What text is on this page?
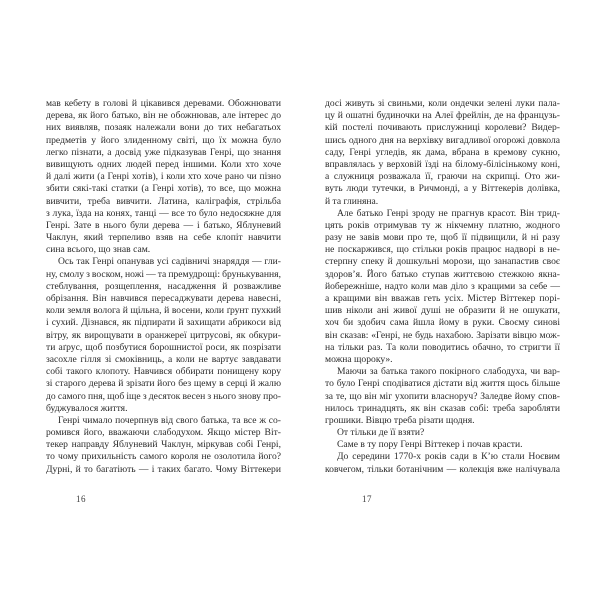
мав кебету в голові й цікавився деревами. Обожнювати
дерева, як його батько, він не обожнював, але інтерес до
них виявляв, позаяк належали вони до тих небагатьох
предметів у його злиденному світі, що їх можна було
легко пізнати, а досвід уже підказував Генрі, що знання
вивищують одних людей перед іншими. Коли хто хоче
й далі жити (а Генрі хотів), і коли хто хоче рано чи пізно
збити сякі-такі статки (а Генрі хотів), то все, що можна
вивчити, треба вивчити. Латина, каліграфія, стрільба
з лука, їзда на конях, танці — все то було недосяжне для
Генрі. Зате в нього були дерева — і батько, Яблуневий
Чаклун, який терпеливо взяв на себе клопіт навчити
сина всього, що знав сам.
Ось так Генрі опанував усі садівничі знаряддя — гли-
ну, смолу з воском, ножі — та премудрощі: брунькування,
стеблування, розщеплення, насадження й розважливе
обрізання. Він навчився пересаджувати дерева навесні,
коли земля волога й щільна, й восени, коли ґрунт пухкий
і сухий. Дізнався, як підпирати й захищати абрикоси від
вітру, як вирощувати в оранжереї цитрусові, як обкури-
ти аґрус, щоб позбутися борошнистої роси, як позрізати
засохле гілля зі смоківниць, а коли не вартує завдавати
собі такого клопоту. Навчився оббирати понищену кору
зі старого дерева й зрізати його без щему в серці й жалю
до самого пня, щоб іще з десяток весен з нього знову про-
буджувалося життя.
Генрі чимало почерпнув від свого батька, та все ж со-
ромився його, вважаючи слабодухом. Якщо містер Віт-
текер направду Яблуневий Чаклун, міркував собі Генрі,
то чому прихильність самого короля не озолотила його?
Дурні, й то багатіють — і таких багато. Чому Віттекери
досі живуть зі свиньми, коли ондечки зелені луки пала-
цу й ошатні будиночки на Алеї фрейлін, де на французь-
кій постелі почивають прислужниці королеви? Видер-
шись одного дня на верхівку вигадливої огорожі довкола
саду, Генрі угледів, як дама, вбрана в кремову сукню,
вправлялась у верховій їзді на білому-білісінькому коні,
а служниця розважала її, граючи на скрипці. Ото жи-
вуть люди тутечки, в Ричмонді, а у Віттекерів долівка,
й та глиняна.
Але батько Генрі зроду не прагнув красот. Він трид-
цять років отримував ту ж нікчемну платню, жодного
разу не завів мови про те, щоб її підвищили, й ні разу
не поскаржився, що стільки років працює надворі в не-
стерпну спеку й дошкульні морози, що занапастив своє
здоров’я. Його батько ступав життєвою стежкою якна-
йобережніше, надто коли мав діло з кращими за себе —
а кращими він вважав геть усіх. Містер Віттекер порі-
шив ніколи ані живої душі не образити й не ошукати,
хоч би здобич сама йшла йому в руки. Своєму синові
він сказав: «Генрі, не будь нахабою. Зарізати вівцю мож-
на тільки раз. Та коли поводитись обачно, то стригти її
можна щороку».
Маючи за батька такого покірного слабодуха, чи вар-
то було Генрі сподіватися дістати від життя щось більше
за те, що він міг ухопити власноруч? Заледве йому спов-
нилось тринадцять, як він сказав собі: треба заробляти
грошики. Вівцю треба різати щодня.
От тільки де її взяти?
Саме в ту пору Генрі Віттекер і почав красти.
До середини 1770-х років сади в К’ю стали Ноєвим
ковчегом, тільки ботанічним — колекція вже налічувала
16	17
